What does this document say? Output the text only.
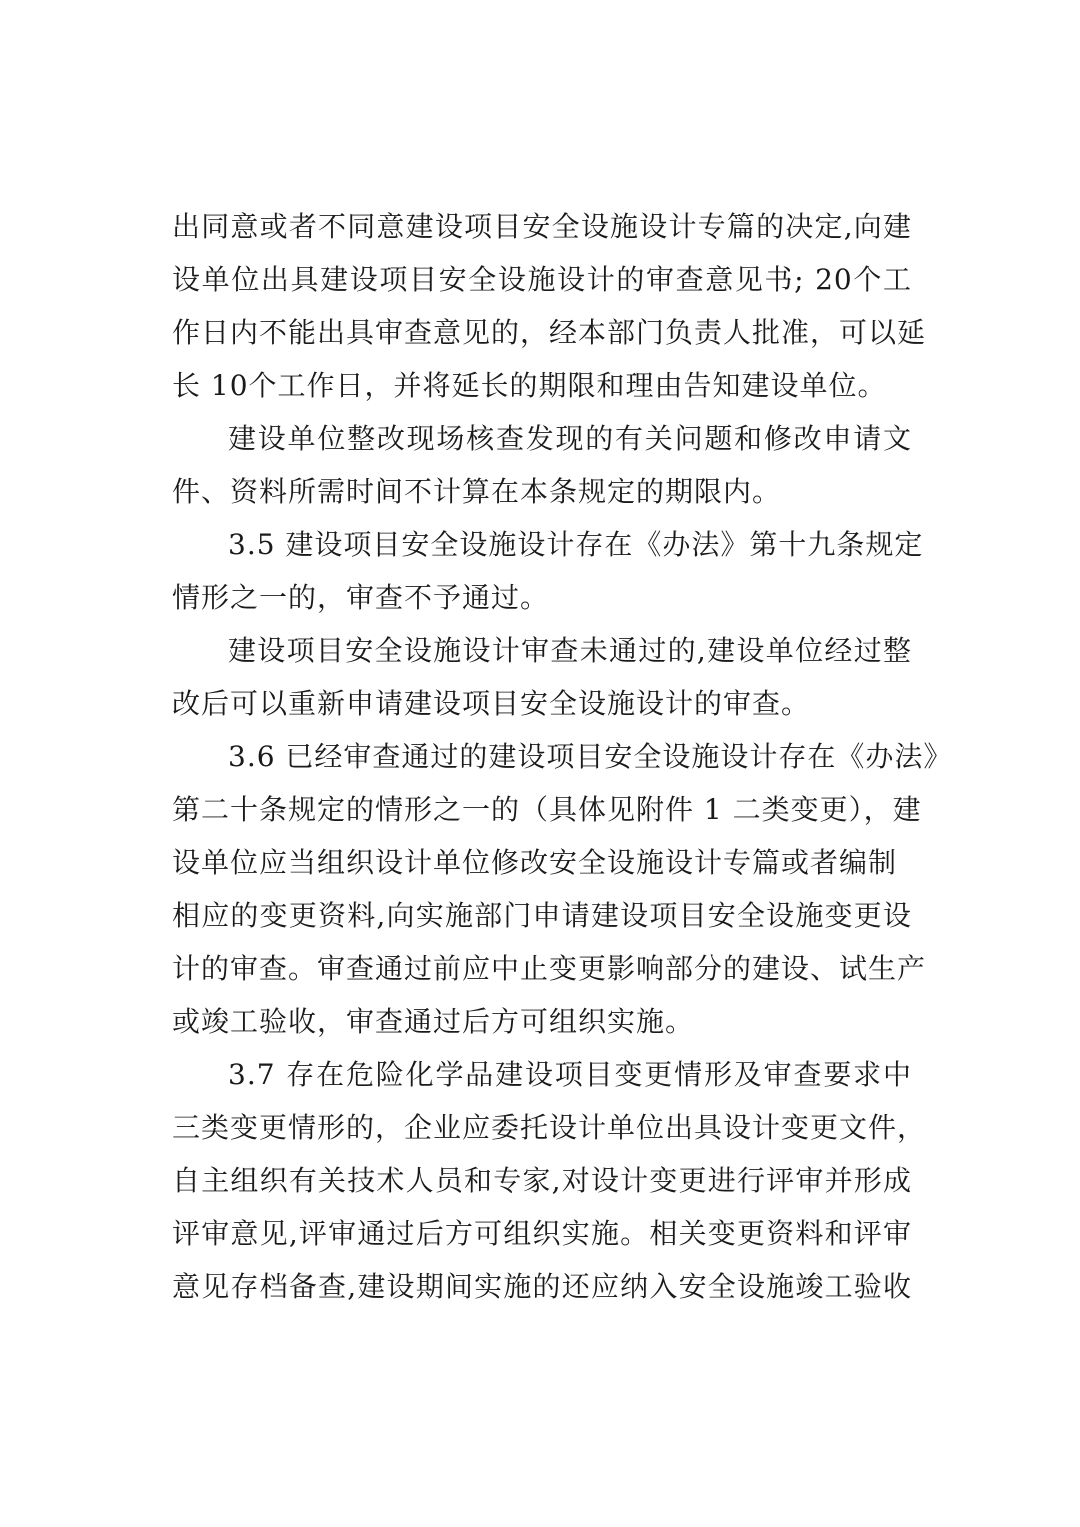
出同意或者不同意建设项目安全设施设计专篇的决定,向建
设单位出具建设项目安全设施设计的审查意见书; 20个工
作日内不能出具审查意见的，经本部门负责人批准，可以延
长 10个工作日，并将延长的期限和理由告知建设单位。
建设单位整改现场核查发现的有关问题和修改申请文
件、资料所需时间不计算在本条规定的期限内。
3.5 建设项目安全设施设计存在《办法》第十九条规定
情形之一的，审查不予通过。
建设项目安全设施设计审查未通过的,建设单位经过整
改后可以重新申请建设项目安全设施设计的审查。
3.6 已经审查通过的建设项目安全设施设计存在《办法》
第二十条规定的情形之一的（具体见附件 1 二类变更），建
设单位应当组织设计单位修改安全设施设计专篇或者编制
相应的变更资料,向实施部门申请建设项目安全设施变更设
计的审查。审查通过前应中止变更影响部分的建设、试生产
或竣工验收，审查通过后方可组织实施。
3.7 存在危险化学品建设项目变更情形及审查要求中
三类变更情形的，企业应委托设计单位出具设计变更文件，
自主组织有关技术人员和专家,对设计变更进行评审并形成
评审意见,评审通过后方可组织实施。相关变更资料和评审
意见存档备查,建设期间实施的还应纳入安全设施竣工验收
